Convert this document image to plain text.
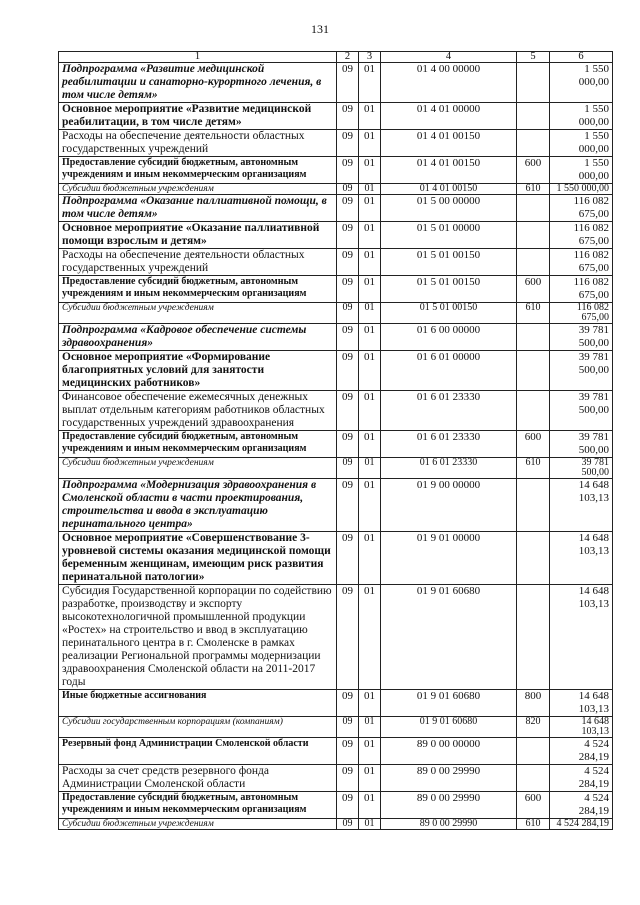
131
1	2	3	4	5	6
Подпрограмма «Развитие медицинской реабилитации и санаторно-курортного лечения, в том числе детям»	09	01	01 4 00 00000		1 550 000,00
Основное мероприятие «Развитие медицинской реабилитации, в том числе детям»	09	01	01 4 01 00000		1 550 000,00
Расходы на обеспечение деятельности областных государственных учреждений	09	01	01 4 01 00150		1 550 000,00
Предоставление субсидий бюджетным, автономным учреждениям и иным некоммерческим организациям	09	01	01 4 01 00150	600	1 550 000,00
Субсидии бюджетным учреждениям	09	01	01 4 01 00150	610	1 550 000,00
Подпрограмма «Оказание паллиативной помощи, в том числе детям»	09	01	01 5 00 00000		116 082 675,00
Основное мероприятие «Оказание паллиативной помощи взрослым и детям»	09	01	01 5 01 00000		116 082 675,00
Расходы на обеспечение деятельности областных государственных учреждений	09	01	01 5 01 00150		116 082 675,00
Предоставление субсидий бюджетным, автономным учреждениям и иным некоммерческим организациям	09	01	01 5 01 00150	600	116 082 675,00
Субсидии бюджетным учреждениям	09	01	01 5 01 00150	610	116 082 675,00
Подпрограмма «Кадровое обеспечение системы здравоохранения»	09	01	01 6 00 00000		39 781 500,00
Основное мероприятие «Формирование благоприятных условий для занятости медицинских работников»	09	01	01 6 01 00000		39 781 500,00
Финансовое обеспечение ежемесячных денежных выплат отдельным категориям работников областных государственных учреждений здравоохранения	09	01	01 6 01 23330		39 781 500,00
Предоставление субсидий бюджетным, автономным учреждениям и иным некоммерческим организациям	09	01	01 6 01 23330	600	39 781 500,00
Субсидии бюджетным учреждениям	09	01	01 6 01 23330	610	39 781 500,00
Подпрограмма «Модернизация здравоохранения в Смоленской области в части проектирования, строительства и ввода в эксплуатацию перинатального центра»	09	01	01 9 00 00000		14 648 103,13
Основное мероприятие «Совершенствование 3-уровневой системы оказания медицинской помощи беременным женщинам, имеющим риск развития перинатальной патологии»	09	01	01 9 01 00000		14 648 103,13
Субсидия Государственной корпорации по содействию разработке, производству и экспорту высокотехнологичной промышленной продукции «Ростех» на строительство и ввод в эксплуатацию перинатального центра в г. Смоленске в рамках реализации Региональной программы модернизации здравоохранения Смоленской области на 2011-2017 годы	09	01	01 9 01 60680		14 648 103,13
Иные бюджетные ассигнования	09	01	01 9 01 60680	800	14 648 103,13
Субсидии государственным корпорациям (компаниям)	09	01	01 9 01 60680	820	14 648 103,13
Резервный фонд Администрации Смоленской области	09	01	89 0 00 00000		4 524 284,19
Расходы за счет средств резервного фонда Администрации Смоленской области	09	01	89 0 00 29990		4 524 284,19
Предоставление субсидий бюджетным, автономным учреждениям и иным некоммерческим организациям	09	01	89 0 00 29990	600	4 524 284,19
Субсидии бюджетным учреждениям	09	01	89 0 00 29990	610	4 524 284,19
